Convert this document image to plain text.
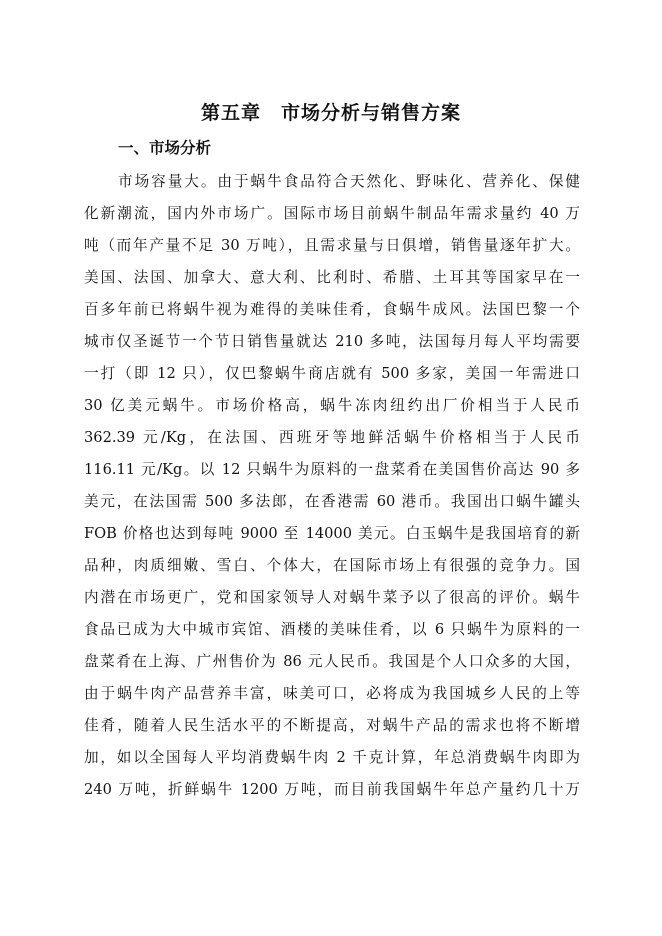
第五章　市场分析与销售方案
一、市场分析

市场容量大。由于蜗牛食品符合天然化、野味化、营养化、保健

化新潮流，国内外市场广。国际市场目前蜗牛制品年需求量约 40 万

吨（而年产量不足 30 万吨），且需求量与日俱增，销售量逐年扩大。

美国、法国、加拿大、意大利、比利时、希腊、土耳其等国家早在一

百多年前已将蜗牛视为难得的美味佳肴，食蜗牛成风。法国巴黎一个

城市仅圣诞节一个节日销售量就达 210 多吨，法国每月每人平均需要

一打（即 12 只），仅巴黎蜗牛商店就有 500 多家，美国一年需进口

30 亿美元蜗牛。市场价格高，蜗牛冻肉纽约出厂价相当于人民币

362.39 元/Kg，在法国、西班牙等地鲜活蜗牛价格相当于人民币

116.11 元/Kg。以 12 只蜗牛为原料的一盘菜肴在美国售价高达 90 多

美元，在法国需 500 多法郎，在香港需 60 港币。我国出口蜗牛罐头

FOB 价格也达到每吨 9000 至 14000 美元。白玉蜗牛是我国培育的新

品种，肉质细嫩、雪白、个体大，在国际市场上有很强的竞争力。国

内潜在市场更广，党和国家领导人对蜗牛菜予以了很高的评价。蜗牛

食品已成为大中城市宾馆、酒楼的美味佳肴，以 6 只蜗牛为原料的一

盘菜肴在上海、广州售价为 86 元人民币。我国是个人口众多的大国，

由于蜗牛肉产品营养丰富，味美可口，必将成为我国城乡人民的上等

佳肴，随着人民生活水平的不断提高，对蜗牛产品的需求也将不断增

加，如以全国每人平均消费蜗牛肉 2 千克计算，年总消费蜗牛肉即为

240 万吨，折鲜蜗牛 1200 万吨，而目前我国蜗牛年总产量约几十万
